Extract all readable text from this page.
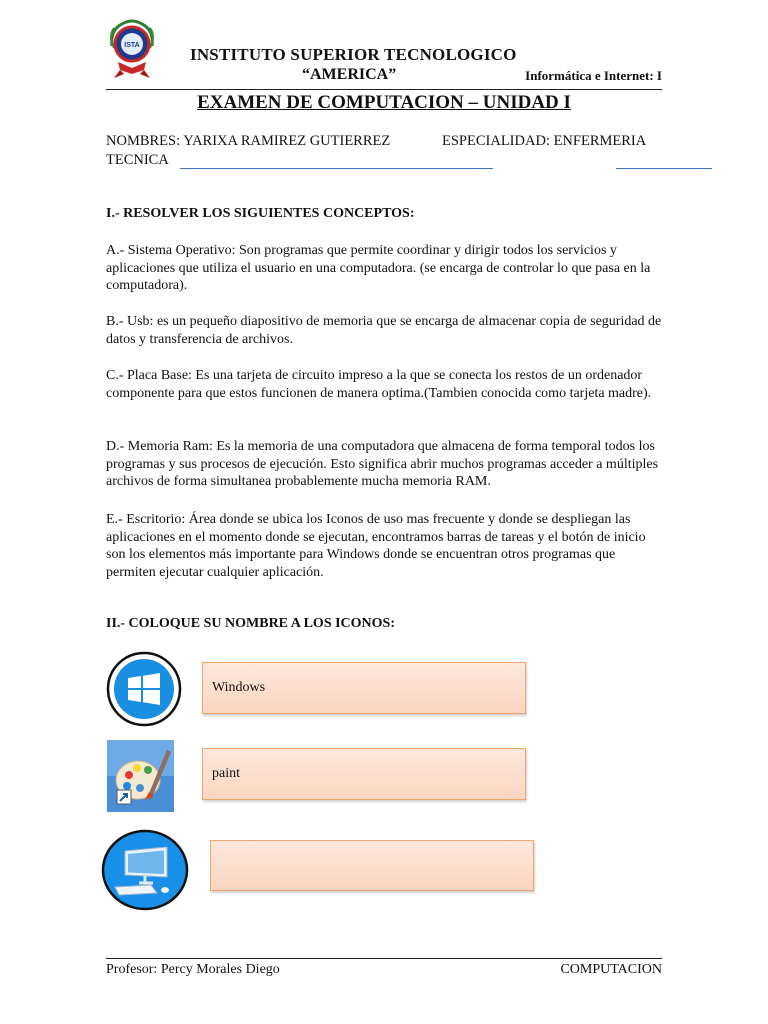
ISTA	INSTITUTO SUPERIOR TECNOLOGICO
“AMERICA”	Informática e Internet: I
EXAMEN DE COMPUTACION – UNIDAD I
NOMBRES: YARIXA RAMIREZ GUTIERREZ	ESPECIALIDAD: ENFERMERIA
TECNICA
I.- RESOLVER LOS SIGUIENTES CONCEPTOS:
A.- Sistema Operativo: Son programas que permite coordinar y dirigir todos los servicios y aplicaciones que utiliza el usuario en una computadora. (se encarga de controlar lo que pasa en la computadora).
B.- Usb: es un pequeño diapositivo de memoria que se encarga de almacenar copia de seguridad de datos y transferencia de archivos.
C.- Placa Base: Es una tarjeta de circuito impreso a la que se conecta los restos de un ordenador componente para que estos funcionen de manera optima.(Tambien conocida como tarjeta madre).
D.- Memoria Ram: Es la memoria de una computadora que almacena de forma temporal todos los programas y sus procesos de ejecución. Esto significa abrir muchos programas acceder a múltiples archivos de forma simultanea probablemente mucha memoria RAM.
E.- Escritorio: Área donde se ubica los Iconos de uso mas frecuente y donde se despliegan las aplicaciones en el momento donde se ejecutan, encontramos barras de tareas y el botón de inicio son los elementos más importante para Windows donde se encuentran otros programas que permiten ejecutar cualquier aplicación.
II.- COLOQUE SU NOMBRE A LOS ICONOS:
Windows
paint
Profesor: Percy Morales Diego	COMPUTACION
